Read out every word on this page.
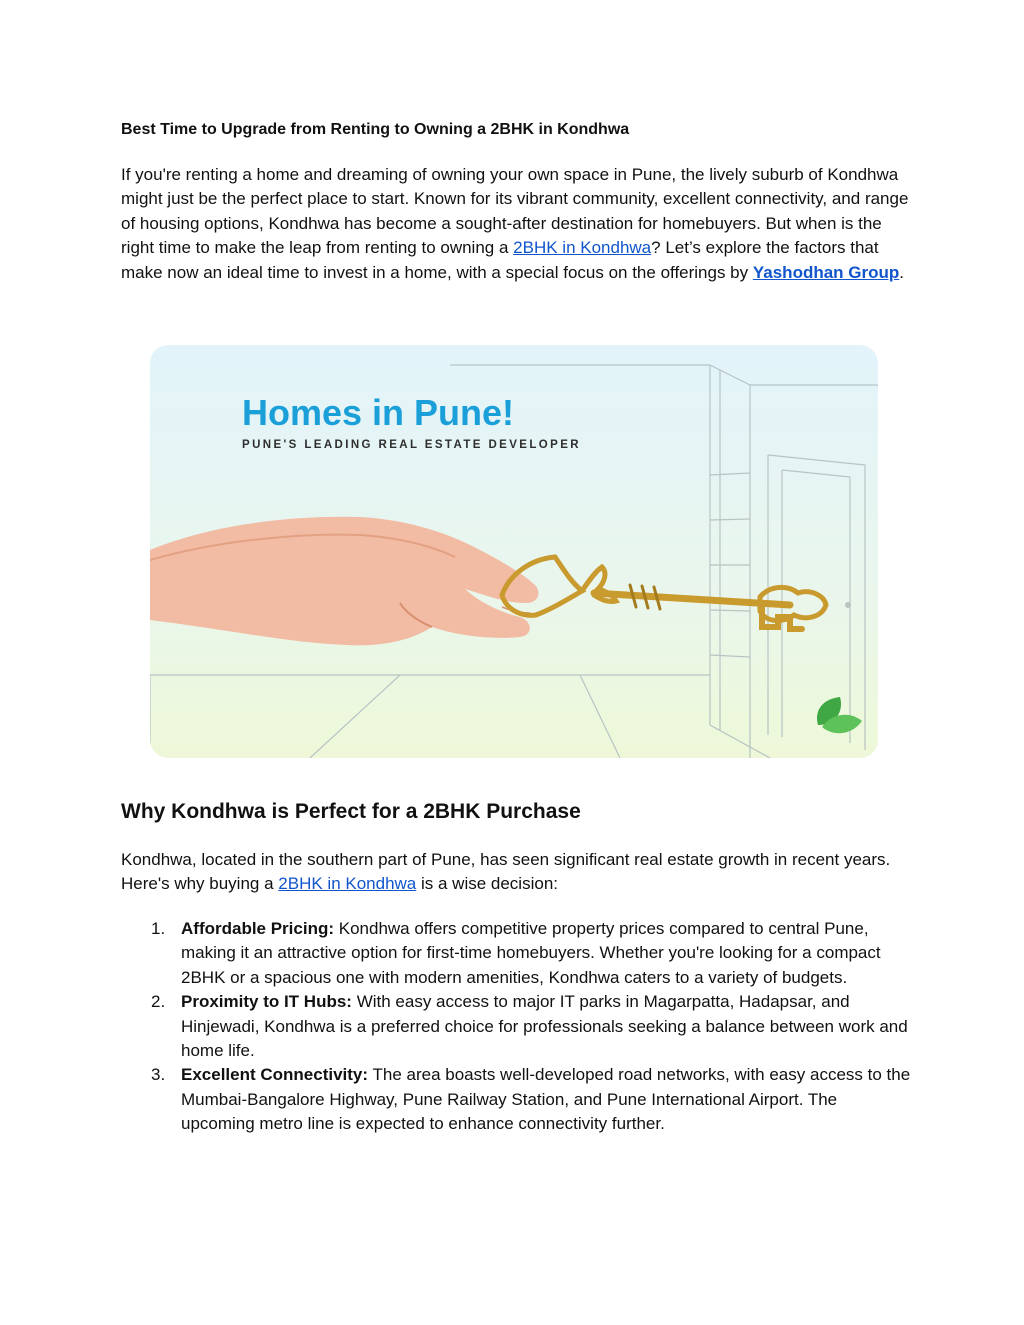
Best Time to Upgrade from Renting to Owning a 2BHK in Kondhwa

If you're renting a home and dreaming of owning your own space in Pune, the lively suburb of Kondhwa might just be the perfect place to start. Known for its vibrant community, excellent connectivity, and range of housing options, Kondhwa has become a sought-after destination for homebuyers. But when is the right time to make the leap from renting to owning a 2BHK in Kondhwa? Let’s explore the factors that make now an ideal time to invest in a home, with a special focus on the offerings by Yashodhan Group.

Homes in Pune!
PUNE'S LEADING REAL ESTATE DEVELOPER
Why Kondhwa is Perfect for a 2BHK Purchase

Kondhwa, located in the southern part of Pune, has seen significant real estate growth in recent years. Here's why buying a 2BHK in Kondhwa is a wise decision:

1. Affordable Pricing: Kondhwa offers competitive property prices compared to central Pune, making it an attractive option for first-time homebuyers. Whether you're looking for a compact 2BHK or a spacious one with modern amenities, Kondhwa caters to a variety of budgets.
2. Proximity to IT Hubs: With easy access to major IT parks in Magarpatta, Hadapsar, and Hinjewadi, Kondhwa is a preferred choice for professionals seeking a balance between work and home life.
3. Excellent Connectivity: The area boasts well-developed road networks, with easy access to the Mumbai-Bangalore Highway, Pune Railway Station, and Pune International Airport. The upcoming metro line is expected to enhance connectivity further.
